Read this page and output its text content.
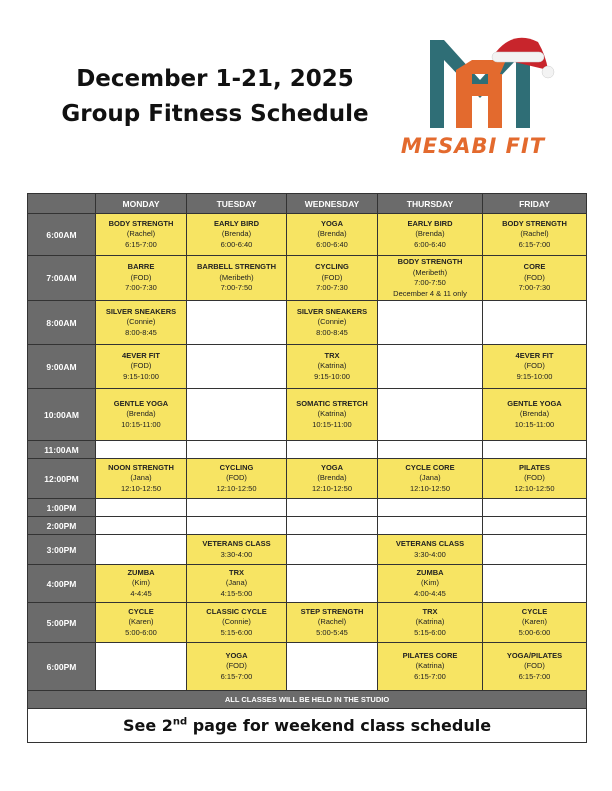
December 1-21, 2025
Group Fitness Schedule
MESABI FIT
	MONDAY	TUESDAY	WEDNESDAY	THURSDAY	FRIDAY
6:00AM	BODY STRENGTH
(Rachel)
6:15-7:00	EARLY BIRD
(Brenda)
6:00-6:40	YOGA
(Brenda)
6:00-6:40	EARLY BIRD
(Brenda)
6:00-6:40	BODY STRENGTH
(Rachel)
6:15-7:00

7:00AM	BARRE
(FOD)
7:00-7:30	BARBELL STRENGTH
(Meribeth)
7:00-7:50	CYCLING
(FOD)
7:00-7:30	BODY STRENGTH
(Meribeth)
7:00-7:50
December 4 & 11 only	CORE
(FOD)
7:00-7:30

8:00AM	SILVER SNEAKERS
(Connie)
8:00-8:45		SILVER SNEAKERS
(Connie)
8:00-8:45		

9:00AM	4EVER FIT
(FOD)
9:15-10:00		TRX
(Katrina)
9:15-10:00		4EVER FIT
(FOD)
9:15-10:00

10:00AM	GENTLE YOGA
(Brenda)
10:15-11:00		SOMATIC STRETCH
(Katrina)
10:15-11:00		GENTLE YOGA
(Brenda)
10:15-11:00

11:00AM					
12:00PM	NOON STRENGTH
(Jana)
12:10-12:50	CYCLING
(FOD)
12:10-12:50	YOGA
(Brenda)
12:10-12:50	CYCLE CORE
(Jana)
12:10-12:50	PILATES
(FOD)
12:10-12:50

1:00PM					
2:00PM					
3:00PM		VETERANS CLASS
3:30-4:00		VETERANS CLASS
3:30-4:00	

4:00PM	ZUMBA
(Kim)
4-4:45	TRX
(Jana)
4:15-5:00		ZUMBA
(Kim)
4:00-4:45	

5:00PM	CYCLE
(Karen)
5:00-6:00	CLASSIC CYCLE
(Connie)
5:15-6:00	STEP STRENGTH
(Rachel)
5:00-5:45	TRX
(Katrina)
5:15-6:00	CYCLE
(Karen)
5:00-6:00

6:00PM		YOGA
(FOD)
6:15-7:00		PILATES CORE
(Katrina)
6:15-7:00	YOGA/PILATES
(FOD)
6:15-7:00

ALL CLASSES WILL BE HELD IN THE STUDIO					
See 2nd page for weekend class schedule					
